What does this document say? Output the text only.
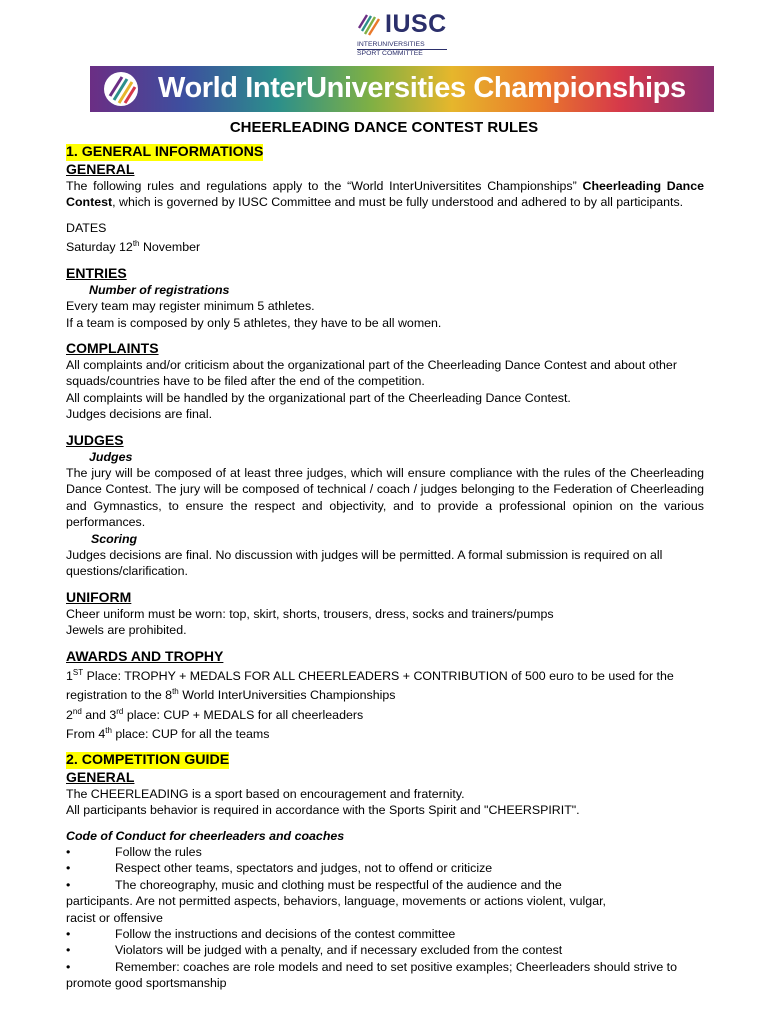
IUSC
INTERUNIVERSITIES
SPORT COMMITTEE
World InterUniversities Championships
CHEERLEADING DANCE CONTEST RULES
1. GENERAL INFORMATIONS
GENERAL

The following rules and regulations apply to the “World InterUniversitites Championships” Cheerleading Dance Contest, which is governed by IUSC Committee and must be fully understood and adhered to by all participants.

DATES

Saturday 12th November

ENTRIES

Number of registrations

Every team may register minimum 5 athletes.

If a team is composed by only 5 athletes, they have to be all women.

COMPLAINTS

All complaints and/or criticism about the organizational part of the Cheerleading Dance Contest and about other squads/countries have to be filed after the end of the competition.

All complaints will be handled by the organizational part of the Cheerleading Dance Contest.

Judges decisions are final.

JUDGES

Judges

The jury will be composed of at least three judges, which will ensure compliance with the rules of the Cheerleading Dance Contest. The jury will be composed of technical / coach / judges belonging to the Federation of Cheerleading and Gymnastics, to ensure the respect and objectivity, and to provide a professional opinion on the various performances.

Scoring

Judges decisions are final. No discussion with judges will be permitted. A formal submission is required on all questions/clarification.

UNIFORM

Cheer uniform must be worn: top, skirt, shorts, trousers, dress, socks and trainers/pumps

Jewels are prohibited.

AWARDS AND TROPHY

1ST Place: TROPHY + MEDALS FOR ALL CHEERLEADERS + CONTRIBUTION of 500 euro to be used for the

registration to the 8th World InterUniversities Championships

2nd and 3rd place: CUP + MEDALS for all cheerleaders

From 4th place: CUP for all the teams

2. COMPETITION GUIDE
GENERAL

The CHEERLEADING is a sport based on encouragement and fraternity.

All participants behavior is required in accordance with the Sports Spirit and "CHEERSPIRIT".

Code of Conduct for cheerleaders and coaches

• Follow the rules

• Respect other teams, spectators and judges, not to offend or criticize

• The choreography, music and clothing must be respectful of the audience and the

participants. Are not permitted aspects, behaviors, language, movements or actions violent, vulgar,

racist or offensive

• Follow the instructions and decisions of the contest committee

• Violators will be judged with a penalty, and if necessary excluded from the contest

• Remember: coaches are role models and need to set positive examples; Cheerleaders should strive to

promote good sportsmanship
